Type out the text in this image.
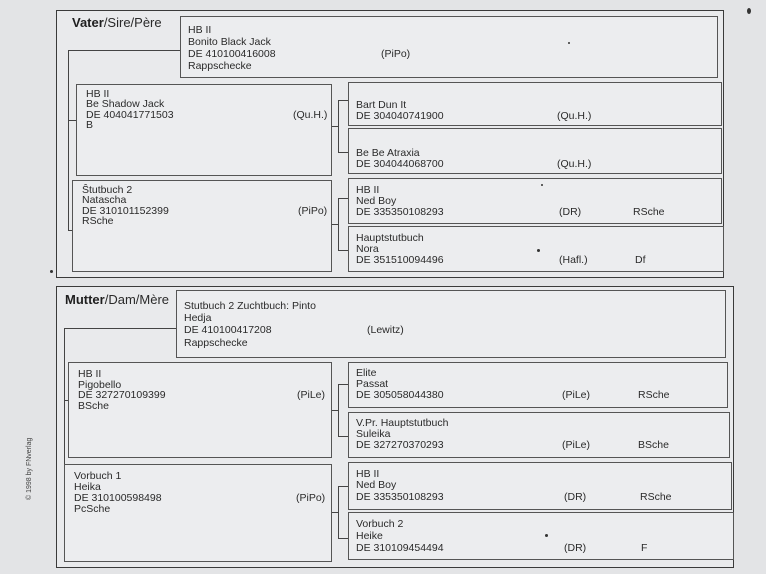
Vater/Sire/Père
Mutter/Dam/Mère
HB II
Bonito Black Jack
DE 410100416008
Rappschecke
(PiPo)
HB II
Be Shadow Jack
DE 404041771503
B
(Qu.H.)
Bart Dun It
DE 304040741900	(Qu.H.)
Be Be Atraxia
DE 304044068700	(Qu.H.)
Ŝtutbuch 2
Natascha
DE 310101152399
RSche
(PiPo)
HB II
Ned Boy
DE 335350108293	(DR)	RSche
Hauptstutbuch
Nora
DE 351510094496	(Hafl.)	Df
Stutbuch 2 Zuchtbuch: Pinto
Hedja
DE 410100417208
Rappschecke
(Lewitz)
HB II
Pigobello
DE 327270109399
BSche
(PiLe)
Elite
Passat
DE 305058044380	(PiLe)	RSche
V.Pr. Hauptstutbuch
Suleika
DE 327270370293	(PiLe)	BSche
Vorbuch 1
Heika
DE 310100598498
PcSche
(PiPo)
HB II
Ned Boy
DE 335350108293	(DR)	RSche
Vorbuch 2
Heike
DE 310109454494	(DR)	F
© 1998 by FNverlag
